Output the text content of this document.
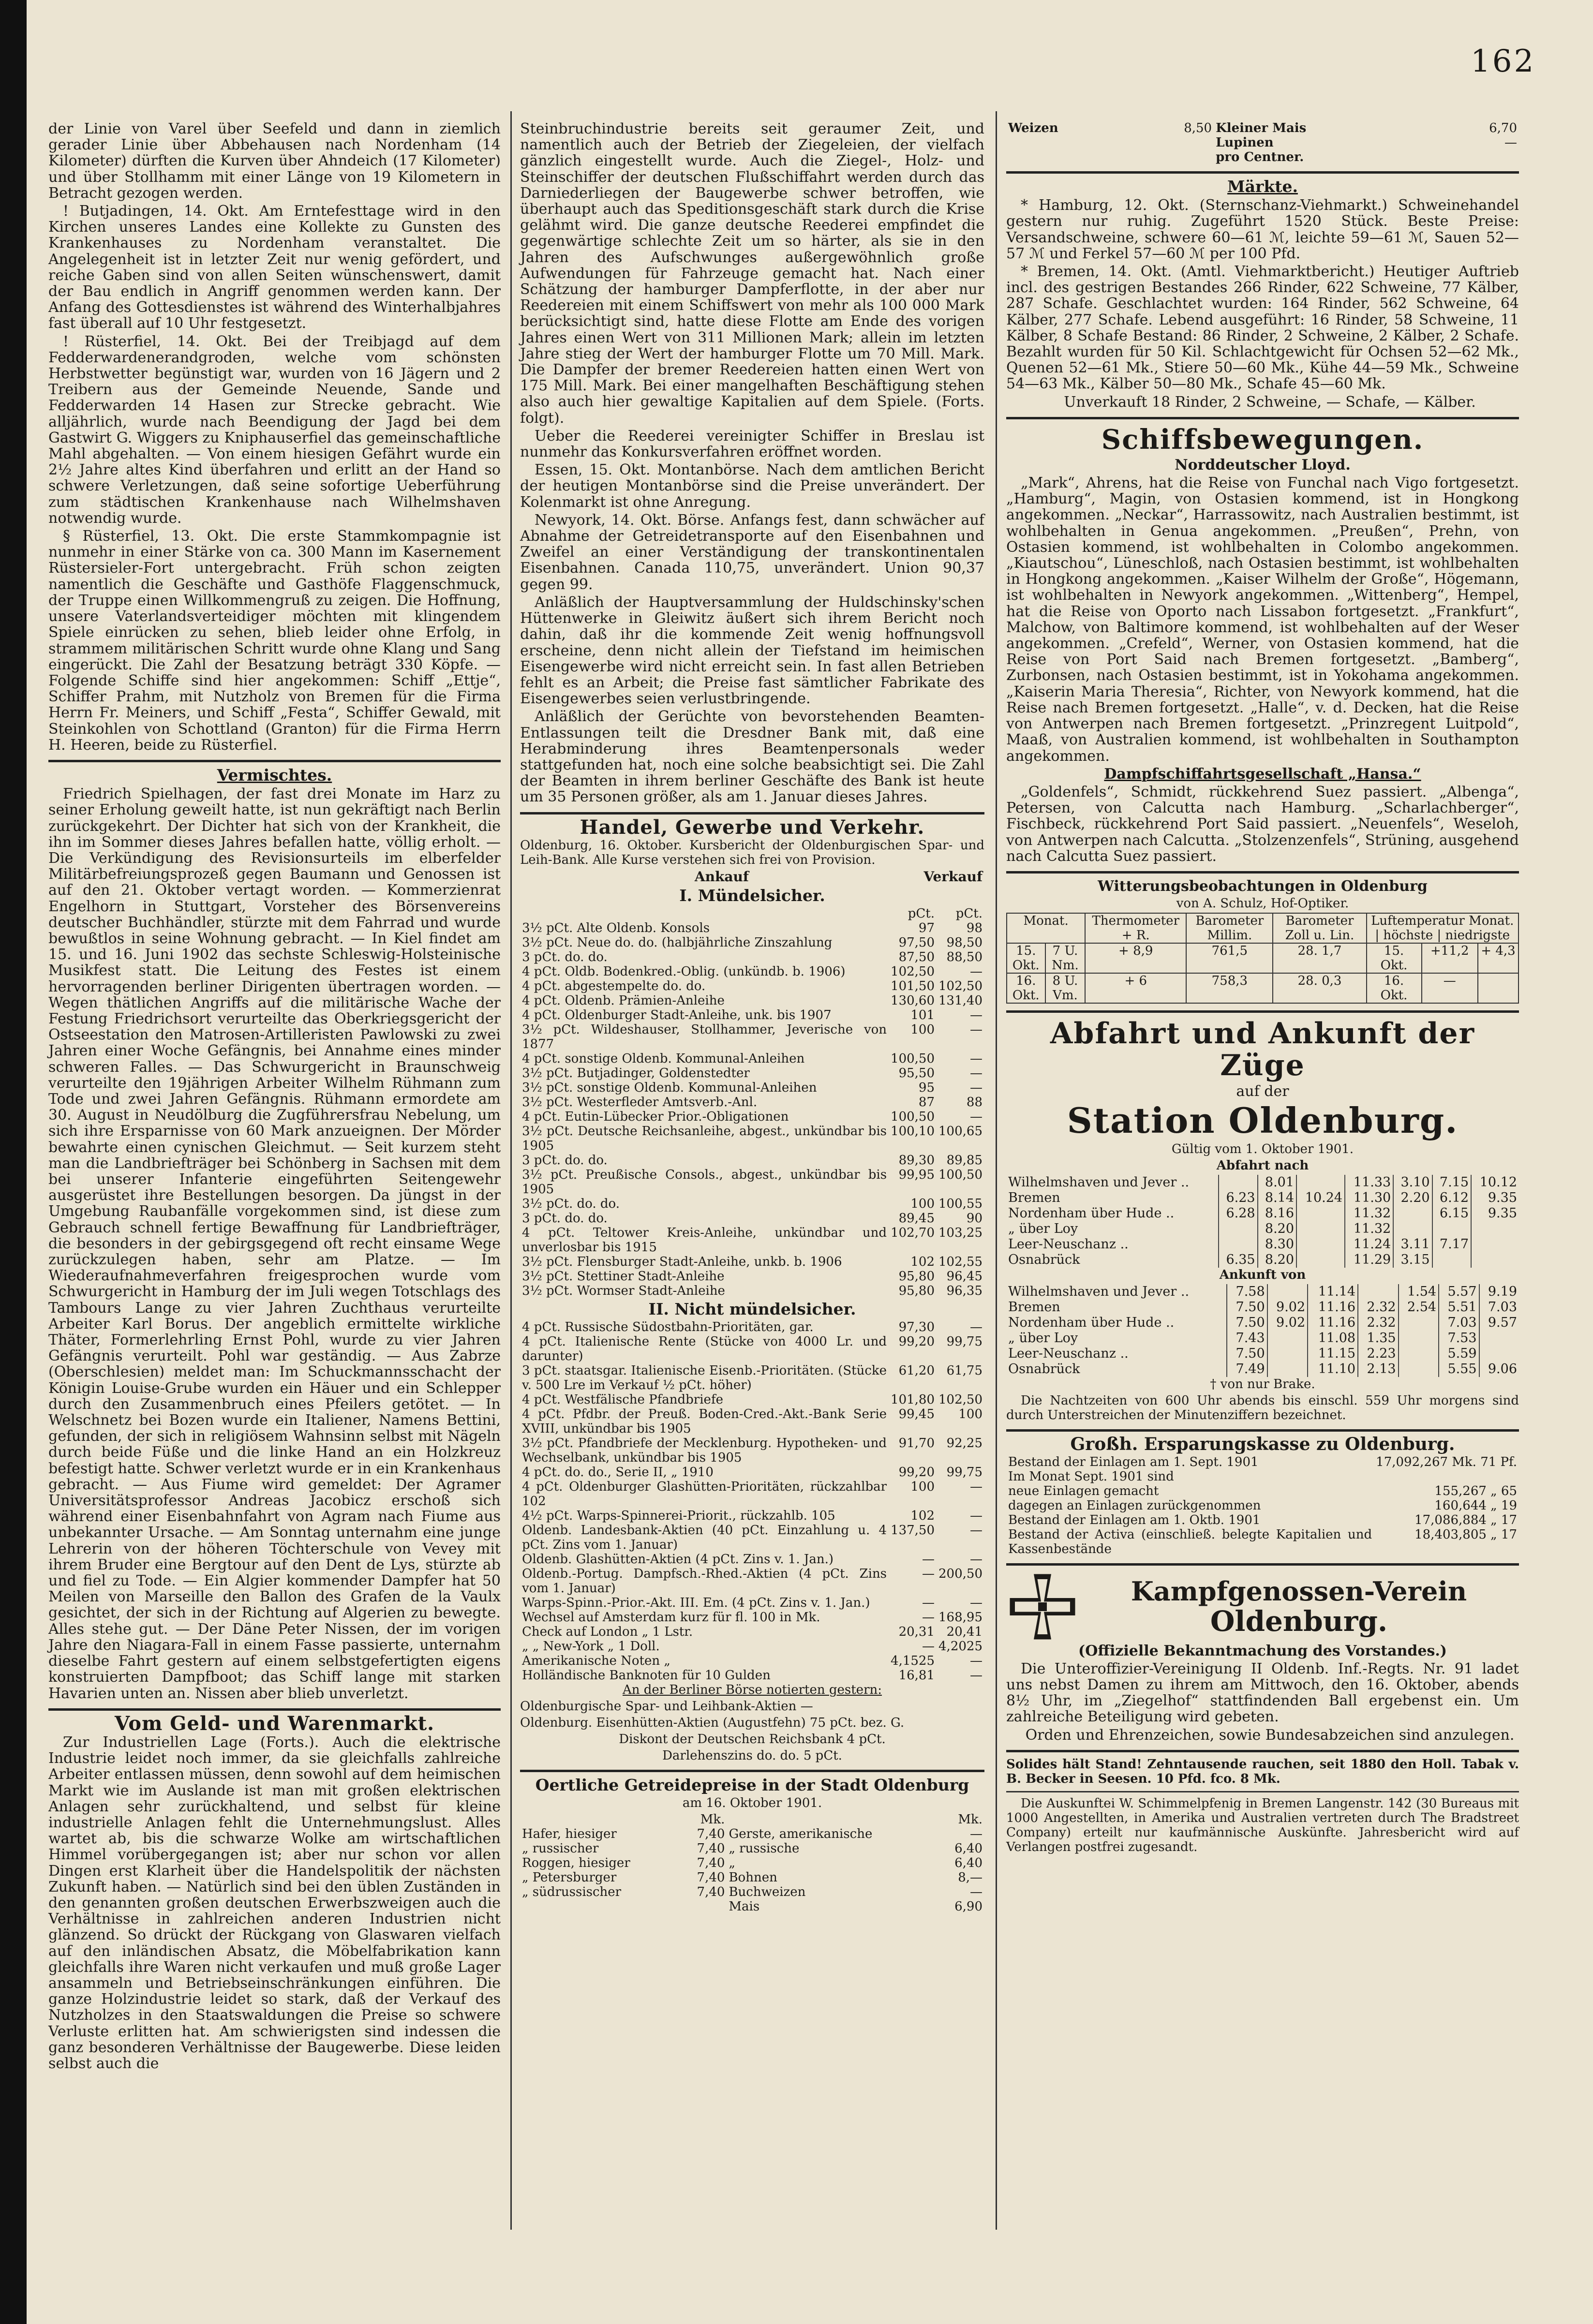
162

der Linie von Varel über Seefeld und dann in ziemlich gerader Linie über Abbehausen nach Nordenham (14 Kilometer) dürften die Kurven über Ahndeich (17 Kilometer) und über Stollhamm mit einer Länge von 19 Kilometern in Betracht gezogen werden.

! Butjadingen, 14. Okt. Am Erntefesttage wird in den Kirchen unseres Landes eine Kollekte zu Gunsten des Krankenhauses zu Nordenham veranstaltet. Die Angelegenheit ist in letzter Zeit nur wenig gefördert, und reiche Gaben sind von allen Seiten wünschenswert, damit der Bau endlich in Angriff genommen werden kann. Der Anfang des Gottesdienstes ist während des Winterhalbjahres fast überall auf 10 Uhr festgesetzt.

! Rüsterfiel, 14. Okt. Bei der Treibjagd auf dem Fedderwardenerandgroden, welche vom schönsten Herbstwetter begünstigt war, wurden von 16 Jägern und 2 Treibern aus der Gemeinde Neuende, Sande und Fedderwarden 14 Hasen zur Strecke gebracht. Wie alljährlich, wurde nach Beendigung der Jagd bei dem Gastwirt G. Wiggers zu Kniphauserfiel das gemeinschaftliche Mahl abgehalten. — Von einem hiesigen Gefährt wurde ein 2½ Jahre altes Kind überfahren und erlitt an der Hand so schwere Verletzungen, daß seine sofortige Ueberführung zum städtischen Krankenhause nach Wilhelmshaven notwendig wurde.

§ Rüsterfiel, 13. Okt. Die erste Stammkompagnie ist nunmehr in einer Stärke von ca. 300 Mann im Kasernement Rüstersieler-Fort untergebracht. Früh schon zeigten namentlich die Geschäfte und Gasthöfe Flaggenschmuck, der Truppe einen Willkommengruß zu zeigen. Die Hoffnung, unsere Vaterlandsverteidiger möchten mit klingendem Spiele einrücken zu sehen, blieb leider ohne Erfolg, in strammem militärischen Schritt wurde ohne Klang und Sang eingerückt. Die Zahl der Besatzung beträgt 330 Köpfe. — Folgende Schiffe sind hier angekommen: Schiff „Ettje“, Schiffer Prahm, mit Nutzholz von Bremen für die Firma Herrn Fr. Meiners, und Schiff „Festa“, Schiffer Gewald, mit Steinkohlen von Schottland (Granton) für die Firma Herrn H. Heeren, beide zu Rüsterfiel.

Vermischtes.

Friedrich Spielhagen, der fast drei Monate im Harz zu seiner Erholung geweilt hatte, ist nun gekräftigt nach Berlin zurückgekehrt. Der Dichter hat sich von der Krankheit, die ihn im Sommer dieses Jahres befallen hatte, völlig erholt. — Die Verkündigung des Revisionsurteils im elberfelder Militärbefreiungsprozeß gegen Baumann und Genossen ist auf den 21. Oktober vertagt worden. — Kommerzienrat Engelhorn in Stuttgart, Vorsteher des Börsenvereins deutscher Buchhändler, stürzte mit dem Fahrrad und wurde bewußtlos in seine Wohnung gebracht. — In Kiel findet am 15. und 16. Juni 1902 das sechste Schleswig-Holsteinische Musikfest statt. Die Leitung des Festes ist einem hervorragenden berliner Dirigenten übertragen worden. — Wegen thätlichen Angriffs auf die militärische Wache der Festung Friedrichsort verurteilte das Oberkriegsgericht der Ostseestation den Matrosen-Artilleristen Pawlowski zu zwei Jahren einer Woche Gefängnis, bei Annahme eines minder schweren Falles. — Das Schwurgericht in Braunschweig verurteilte den 19jährigen Arbeiter Wilhelm Rühmann zum Tode und zwei Jahren Gefängnis. Rühmann ermordete am 30. August in Neudölburg die Zugführersfrau Nebelung, um sich ihre Ersparnisse von 60 Mark anzueignen. Der Mörder bewahrte einen cynischen Gleichmut. — Seit kurzem steht man die Landbriefträger bei Schönberg in Sachsen mit dem bei unserer Infanterie eingeführten Seitengewehr ausgerüstet ihre Bestellungen besorgen. Da jüngst in der Umgebung Raubanfälle vorgekommen sind, ist diese zum Gebrauch schnell fertige Bewaffnung für Landbriefträger, die besonders in der gebirgsgegend oft recht einsame Wege zurückzulegen haben, sehr am Platze. — Im Wiederaufnahmeverfahren freigesprochen wurde vom Schwurgericht in Hamburg der im Juli wegen Totschlags des Tambours Lange zu vier Jahren Zuchthaus verurteilte Arbeiter Karl Borus. Der angeblich ermittelte wirkliche Thäter, Formerlehrling Ernst Pohl, wurde zu vier Jahren Gefängnis verurteilt. Pohl war geständig. — Aus Zabrze (Oberschlesien) meldet man: Im Schuckmannsschacht der Königin Louise-Grube wurden ein Häuer und ein Schlepper durch den Zusammenbruch eines Pfeilers getötet. — In Welschnetz bei Bozen wurde ein Italiener, Namens Bettini, gefunden, der sich in religiösem Wahnsinn selbst mit Nägeln durch beide Füße und die linke Hand an ein Holzkreuz befestigt hatte. Schwer verletzt wurde er in ein Krankenhaus gebracht. — Aus Fiume wird gemeldet: Der Agramer Universitätsprofessor Andreas Jacobicz erschoß sich während einer Eisenbahnfahrt von Agram nach Fiume aus unbekannter Ursache. — Am Sonntag unternahm eine junge Lehrerin von der höheren Töchterschule von Vevey mit ihrem Bruder eine Bergtour auf den Dent de Lys, stürzte ab und fiel zu Tode. — Ein Algier kommender Dampfer hat 50 Meilen von Marseille den Ballon des Grafen de la Vaulx gesichtet, der sich in der Richtung auf Algerien zu bewegte. Alles stehe gut. — Der Däne Peter Nissen, der im vorigen Jahre den Niagara-Fall in einem Fasse passierte, unternahm dieselbe Fahrt gestern auf einem selbstgefertigten eigens konstruierten Dampfboot; das Schiff lange mit starken Havarien unten an. Nissen aber blieb unverletzt.

Vom Geld- und Warenmarkt.

Zur Industriellen Lage (Forts.). Auch die elektrische Industrie leidet noch immer, da sie gleichfalls zahlreiche Arbeiter entlassen müssen, denn sowohl auf dem heimischen Markt wie im Auslande ist man mit großen elektrischen Anlagen sehr zurückhaltend, und selbst für kleine industrielle Anlagen fehlt die Unternehmungslust. Alles wartet ab, bis die schwarze Wolke am wirtschaftlichen Himmel vorübergegangen ist; aber nur schon vor allen Dingen erst Klarheit über die Handelspolitik der nächsten Zukunft haben. — Natürlich sind bei den üblen Zuständen in den genannten großen deutschen Erwerbszweigen auch die Verhältnisse in zahlreichen anderen Industrien nicht glänzend. So drückt der Rückgang von Glaswaren vielfach auf den inländischen Absatz, die Möbelfabrikation kann gleichfalls ihre Waren nicht verkaufen und muß große Lager ansammeln und Betriebseinschränkungen einführen. Die ganze Holzindustrie leidet so stark, daß der Verkauf des Nutzholzes in den Staatswaldungen die Preise so schwere Verluste erlitten hat. Am schwierigsten sind indessen die ganz besonderen Verhältnisse der Baugewerbe. Diese leiden selbst auch die

Steinbruchindustrie bereits seit geraumer Zeit, und namentlich auch der Betrieb der Ziegeleien, der vielfach gänzlich eingestellt wurde. Auch die Ziegel-, Holz- und Steinschiffer der deutschen Flußschiffahrt werden durch das Darniederliegen der Baugewerbe schwer betroffen, wie überhaupt auch das Speditionsgeschäft stark durch die Krise gelähmt wird. Die ganze deutsche Reederei empfindet die gegenwärtige schlechte Zeit um so härter, als sie in den Jahren des Aufschwunges außergewöhnlich große Aufwendungen für Fahrzeuge gemacht hat. Nach einer Schätzung der hamburger Dampferflotte, in der aber nur Reedereien mit einem Schiffswert von mehr als 100 000 Mark berücksichtigt sind, hatte diese Flotte am Ende des vorigen Jahres einen Wert von 311 Millionen Mark; allein im letzten Jahre stieg der Wert der hamburger Flotte um 70 Mill. Mark. Die Dampfer der bremer Reedereien hatten einen Wert von 175 Mill. Mark. Bei einer mangelhaften Beschäftigung stehen also auch hier gewaltige Kapitalien auf dem Spiele. (Forts. folgt).

Ueber die Reederei vereinigter Schiffer in Breslau ist nunmehr das Konkursverfahren eröffnet worden.

Essen, 15. Okt. Montanbörse. Nach dem amtlichen Bericht der heutigen Montanbörse sind die Preise unverändert. Der Kolenmarkt ist ohne Anregung.

Newyork, 14. Okt. Börse. Anfangs fest, dann schwächer auf Abnahme der Getreidetransporte auf den Eisenbahnen und Zweifel an einer Verständigung der transkontinentalen Eisenbahnen. Canada 110,75, unverändert. Union 90,37 gegen 99.

Anläßlich der Hauptversammlung der Huldschinsky'schen Hüttenwerke in Gleiwitz äußert sich ihrem Bericht noch dahin, daß ihr die kommende Zeit wenig hoffnungsvoll erscheine, denn nicht allein der Tiefstand im heimischen Eisengewerbe wird nicht erreicht sein. In fast allen Betrieben fehlt es an Arbeit; die Preise fast sämtlicher Fabrikate des Eisengewerbes seien verlustbringende.

Anläßlich der Gerüchte von bevorstehenden Beamten-Entlassungen teilt die Dresdner Bank mit, daß eine Herabminderung ihres Beamtenpersonals weder stattgefunden hat, noch eine solche beabsichtigt sei. Die Zahl der Beamten in ihrem berliner Geschäfte des Bank ist heute um 35 Personen größer, als am 1. Januar dieses Jahres.

Handel, Gewerbe und Verkehr.

Oldenburg, 16. Oktober. Kursbericht der Oldenburgischen Spar- und Leih-Bank. Alle Kurse verstehen sich frei von Provision.

	Ankauf	Verkauf
I. Mündelsicher.
	pCt.	pCt.
3½ pCt. Alte Oldenb. Konsols	97	98
3½ pCt. Neue do. do. (halbjährliche Zinszahlung	97,50	98,50
3 pCt. do. do.	87,50	88,50
4 pCt. Oldb. Bodenkred.-Oblig. (unkündb. b. 1906)	102,50	—
4 pCt. abgestempelte do. do.	101,50	102,50
4 pCt. Oldenb. Prämien-Anleihe	130,60	131,40
4 pCt. Oldenburger Stadt-Anleihe, unk. bis 1907	101	—
3½ pCt. Wildeshauser, Stollhammer, Jeverische von 1877	100	—
4 pCt. sonstige Oldenb. Kommunal-Anleihen	100,50	—
3½ pCt. Butjadinger, Goldenstedter	95,50	—
3½ pCt. sonstige Oldenb. Kommunal-Anleihen	95	—
3½ pCt. Westerfleder Amtsverb.-Anl.	87	88
4 pCt. Eutin-Lübecker Prior.-Obligationen	100,50	—
3½ pCt. Deutsche Reichsanleihe, abgest., unkündbar bis 1905	100,10	100,65
3 pCt. do. do.	89,30	89,85
3½ pCt. Preußische Consols., abgest., unkündbar bis 1905	99,95	100,50
3½ pCt. do. do.	100	100,55
3 pCt. do. do.	89,45	90
4 pCt. Teltower Kreis-Anleihe, unkündbar und unverlosbar bis 1915	102,70	103,25
3½ pCt. Flensburger Stadt-Anleihe, unkb. b. 1906	102	102,55
3½ pCt. Stettiner Stadt-Anleihe	95,80	96,45
3½ pCt. Wormser Stadt-Anleihe	95,80	96,35
II. Nicht mündelsicher.
4 pCt. Russische Südostbahn-Prioritäten, gar.	97,30	—
4 pCt. Italienische Rente (Stücke von 4000 Lr. und darunter)	99,20	99,75
3 pCt. staatsgar. Italienische Eisenb.-Prioritäten. (Stücke v. 500 Lre im Verkauf ½ pCt. höher)	61,20	61,75
4 pCt. Westfälische Pfandbriefe	101,80	102,50
4 pCt. Pfdbr. der Preuß. Boden-Cred.-Akt.-Bank Serie XVIII, unkündbar bis 1905	99,45	100
3½ pCt. Pfandbriefe der Mecklenburg. Hypotheken- und Wechselbank, unkündbar bis 1905	91,70	92,25
4 pCt. do. do., Serie II, „ 1910	99,20	99,75
4 pCt. Oldenburger Glashütten-Prioritäten, rückzahlbar 102	100	—
4½ pCt. Warps-Spinnerei-Priorit., rückzahlb. 105	102	—
Oldenb. Landesbank-Aktien (40 pCt. Einzahlung u. 4 pCt. Zins vom 1. Januar)	137,50	—
Oldenb. Glashütten-Aktien (4 pCt. Zins v. 1. Jan.)	—	—
Oldenb.-Portug. Dampfsch.-Rhed.-Aktien (4 pCt. Zins vom 1. Januar)	—	200,50
Warps-Spinn.-Prior.-Akt. III. Em. (4 pCt. Zins v. 1. Jan.)	—	—
Wechsel auf Amsterdam kurz für fl. 100 in Mk.	—	168,95
Check auf London „ 1 Lstr.	20,31	20,41
„ „ New-York „ 1 Doll.	—	4,2025
Amerikanische Noten „	4,1525	—
Holländische Banknoten für 10 Gulden	16,81	—

An der Berliner Börse notierten gestern:

Oldenburgische Spar- und Leihbank-Aktien —

Oldenburg. Eisenhütten-Aktien (Augustfehn) 75 pCt. bez. G.

Diskont der Deutschen Reichsbank 4 pCt.

Darlehenszins do. do. 5 pCt.

Oertliche Getreidepreise in der Stadt Oldenburg

am 16. Oktober 1901.

	Mk.		Mk.
Hafer, hiesiger	7,40	Gerste, amerikanische	—
„ russischer	7,40	„ russische	6,40
Roggen, hiesiger	7,40	„	6,40
„ Petersburger	7,40	Bohnen	8,—
„ südrussischer	7,40	Buchweizen	—
		Mais	6,90
Weizen	8,50	Kleiner Mais	6,70
		Lupinen	—
		pro Centner.	
Märkte.

* Hamburg, 12. Okt. (Sternschanz-Viehmarkt.) Schweinehandel gestern nur ruhig. Zugeführt 1520 Stück. Beste Preise: Versandschweine, schwere 60—61 ℳ, leichte 59—61 ℳ, Sauen 52—57 ℳ und Ferkel 57—60 ℳ per 100 Pfd.

* Bremen, 14. Okt. (Amtl. Viehmarktbericht.) Heutiger Auftrieb incl. des gestrigen Bestandes 266 Rinder, 622 Schweine, 77 Kälber, 287 Schafe. Geschlachtet wurden: 164 Rinder, 562 Schweine, 64 Kälber, 277 Schafe. Lebend ausgeführt: 16 Rinder, 58 Schweine, 11 Kälber, 8 Schafe Bestand: 86 Rinder, 2 Schweine, 2 Kälber, 2 Schafe. Bezahlt wurden für 50 Kil. Schlachtgewicht für Ochsen 52—62 Mk., Quenen 52—61 Mk., Stiere 50—60 Mk., Kühe 44—59 Mk., Schweine 54—63 Mk., Kälber 50—80 Mk., Schafe 45—60 Mk.

Unverkauft 18 Rinder, 2 Schweine, — Schafe, — Kälber.

Schiffsbewegungen.

Norddeutscher Lloyd.

„Mark“, Ahrens, hat die Reise von Funchal nach Vigo fortgesetzt. „Hamburg“, Magin, von Ostasien kommend, ist in Hongkong angekommen. „Neckar“, Harrassowitz, nach Australien bestimmt, ist wohlbehalten in Genua angekommen. „Preußen“, Prehn, von Ostasien kommend, ist wohlbehalten in Colombo angekommen. „Kiautschou“, Lüneschloß, nach Ostasien bestimmt, ist wohlbehalten in Hongkong angekommen. „Kaiser Wilhelm der Große“, Högemann, ist wohlbehalten in Newyork angekommen. „Wittenberg“, Hempel, hat die Reise von Oporto nach Lissabon fortgesetzt. „Frankfurt“, Malchow, von Baltimore kommend, ist wohlbehalten auf der Weser angekommen. „Crefeld“, Werner, von Ostasien kommend, hat die Reise von Port Said nach Bremen fortgesetzt. „Bamberg“, Zurbonsen, nach Ostasien bestimmt, ist in Yokohama angekommen. „Kaiserin Maria Theresia“, Richter, von Newyork kommend, hat die Reise nach Bremen fortgesetzt. „Halle“, v. d. Decken, hat die Reise von Antwerpen nach Bremen fortgesetzt. „Prinzregent Luitpold“, Maaß, von Australien kommend, ist wohlbehalten in Southampton angekommen.

Dampfschiffahrtsgesellschaft „Hansa.“

„Goldenfels“, Schmidt, rückkehrend Suez passiert. „Albenga“, Petersen, von Calcutta nach Hamburg. „Scharlachberger“, Fischbeck, rückkehrend Port Said passiert. „Neuenfels“, Weseloh, von Antwerpen nach Calcutta. „Stolzenzenfels“, Strüning, ausgehend nach Calcutta Suez passiert.

Witterungsbeobachtungen in Oldenburg

von A. Schulz, Hof-Optiker.

Monat.		Thermometer + R.	Barometer Millim.	Barometer Zoll u. Lin.	Luftemperatur Monat. | höchste | niedrigste		
15. Okt.	7 U. Nm.	+ 8,9	761,5	28. 1,7	15. Okt.	+11,2	+ 4,3
16. Okt.	8 U. Vm.	+ 6	758,3	28. 0,3	16. Okt.	—	
Abfahrt und Ankunft der Züge

auf der

Station Oldenburg.

Gültig vom 1. Oktober 1901.

Abfahrt nach

Wilhelmshaven und Jever ..		8.01		11.33	3.10	7.15	10.12
Bremen	6.23	8.14	10.24	11.30	2.20	6.12	9.35
Nordenham über Hude ..	6.28	8.16		11.32		6.15	9.35
„ über Loy		8.20		11.32			
Leer-Neuschanz ..		8.30		11.24	3.11	7.17	
Osnabrück	6.35	8.20		11.29	3.15		

Ankunft von

Wilhelmshaven und Jever ..	7.58		11.14		1.54	5.57	9.19
Bremen	7.50	9.02	11.16	2.32	2.54	5.51	7.03
Nordenham über Hude ..	7.50	9.02	11.16	2.32		7.03	9.57
„ über Loy	7.43		11.08	1.35		7.53	
Leer-Neuschanz ..	7.50		11.15	2.23		5.59	
Osnabrück	7.49		11.10	2.13		5.55	9.06

† von nur Brake.

Die Nachtzeiten von 600 Uhr abends bis einschl. 559 Uhr morgens sind durch Unterstreichen der Minutenziffern bezeichnet.

Großh. Ersparungskasse zu Oldenburg.

Bestand der Einlagen am 1. Sept. 1901	17,092,267 Mk. 71 Pf.
Im Monat Sept. 1901 sind	
neue Einlagen gemacht	155,267 „ 65
dagegen an Einlagen zurückgenommen	160,644 „ 19
Bestand der Einlagen am 1. Oktb. 1901	17,086,884 „ 17
Bestand der Activa (einschließ. belegte Kapitalien und Kassenbestände	18,403,805 „ 17
Kampfgenossen-Verein
Oldenburg.

(Offizielle Bekanntmachung des Vorstandes.)

Die Unteroffizier-Vereinigung II Oldenb. Inf.-Regts. Nr. 91 ladet uns nebst Damen zu ihrem am Mittwoch, den 16. Oktober, abends 8½ Uhr, im „Ziegelhof“ stattfindenden Ball ergebenst ein. Um zahlreiche Beteiligung wird gebeten.

Orden und Ehrenzeichen, sowie Bundesabzeichen sind anzulegen.

Solides hält Stand! Zehntausende rauchen, seit 1880 den Holl. Tabak v. B. Becker in Seesen. 10 Pfd. fco. 8 Mk.

Die Auskunftei W. Schimmelpfenig in Bremen Langenstr. 142 (30 Bureaus mit 1000 Angestellten, in Amerika und Australien vertreten durch The Bradstreet Company) erteilt nur kaufmännische Auskünfte. Jahresbericht wird auf Verlangen postfrei zugesandt.
